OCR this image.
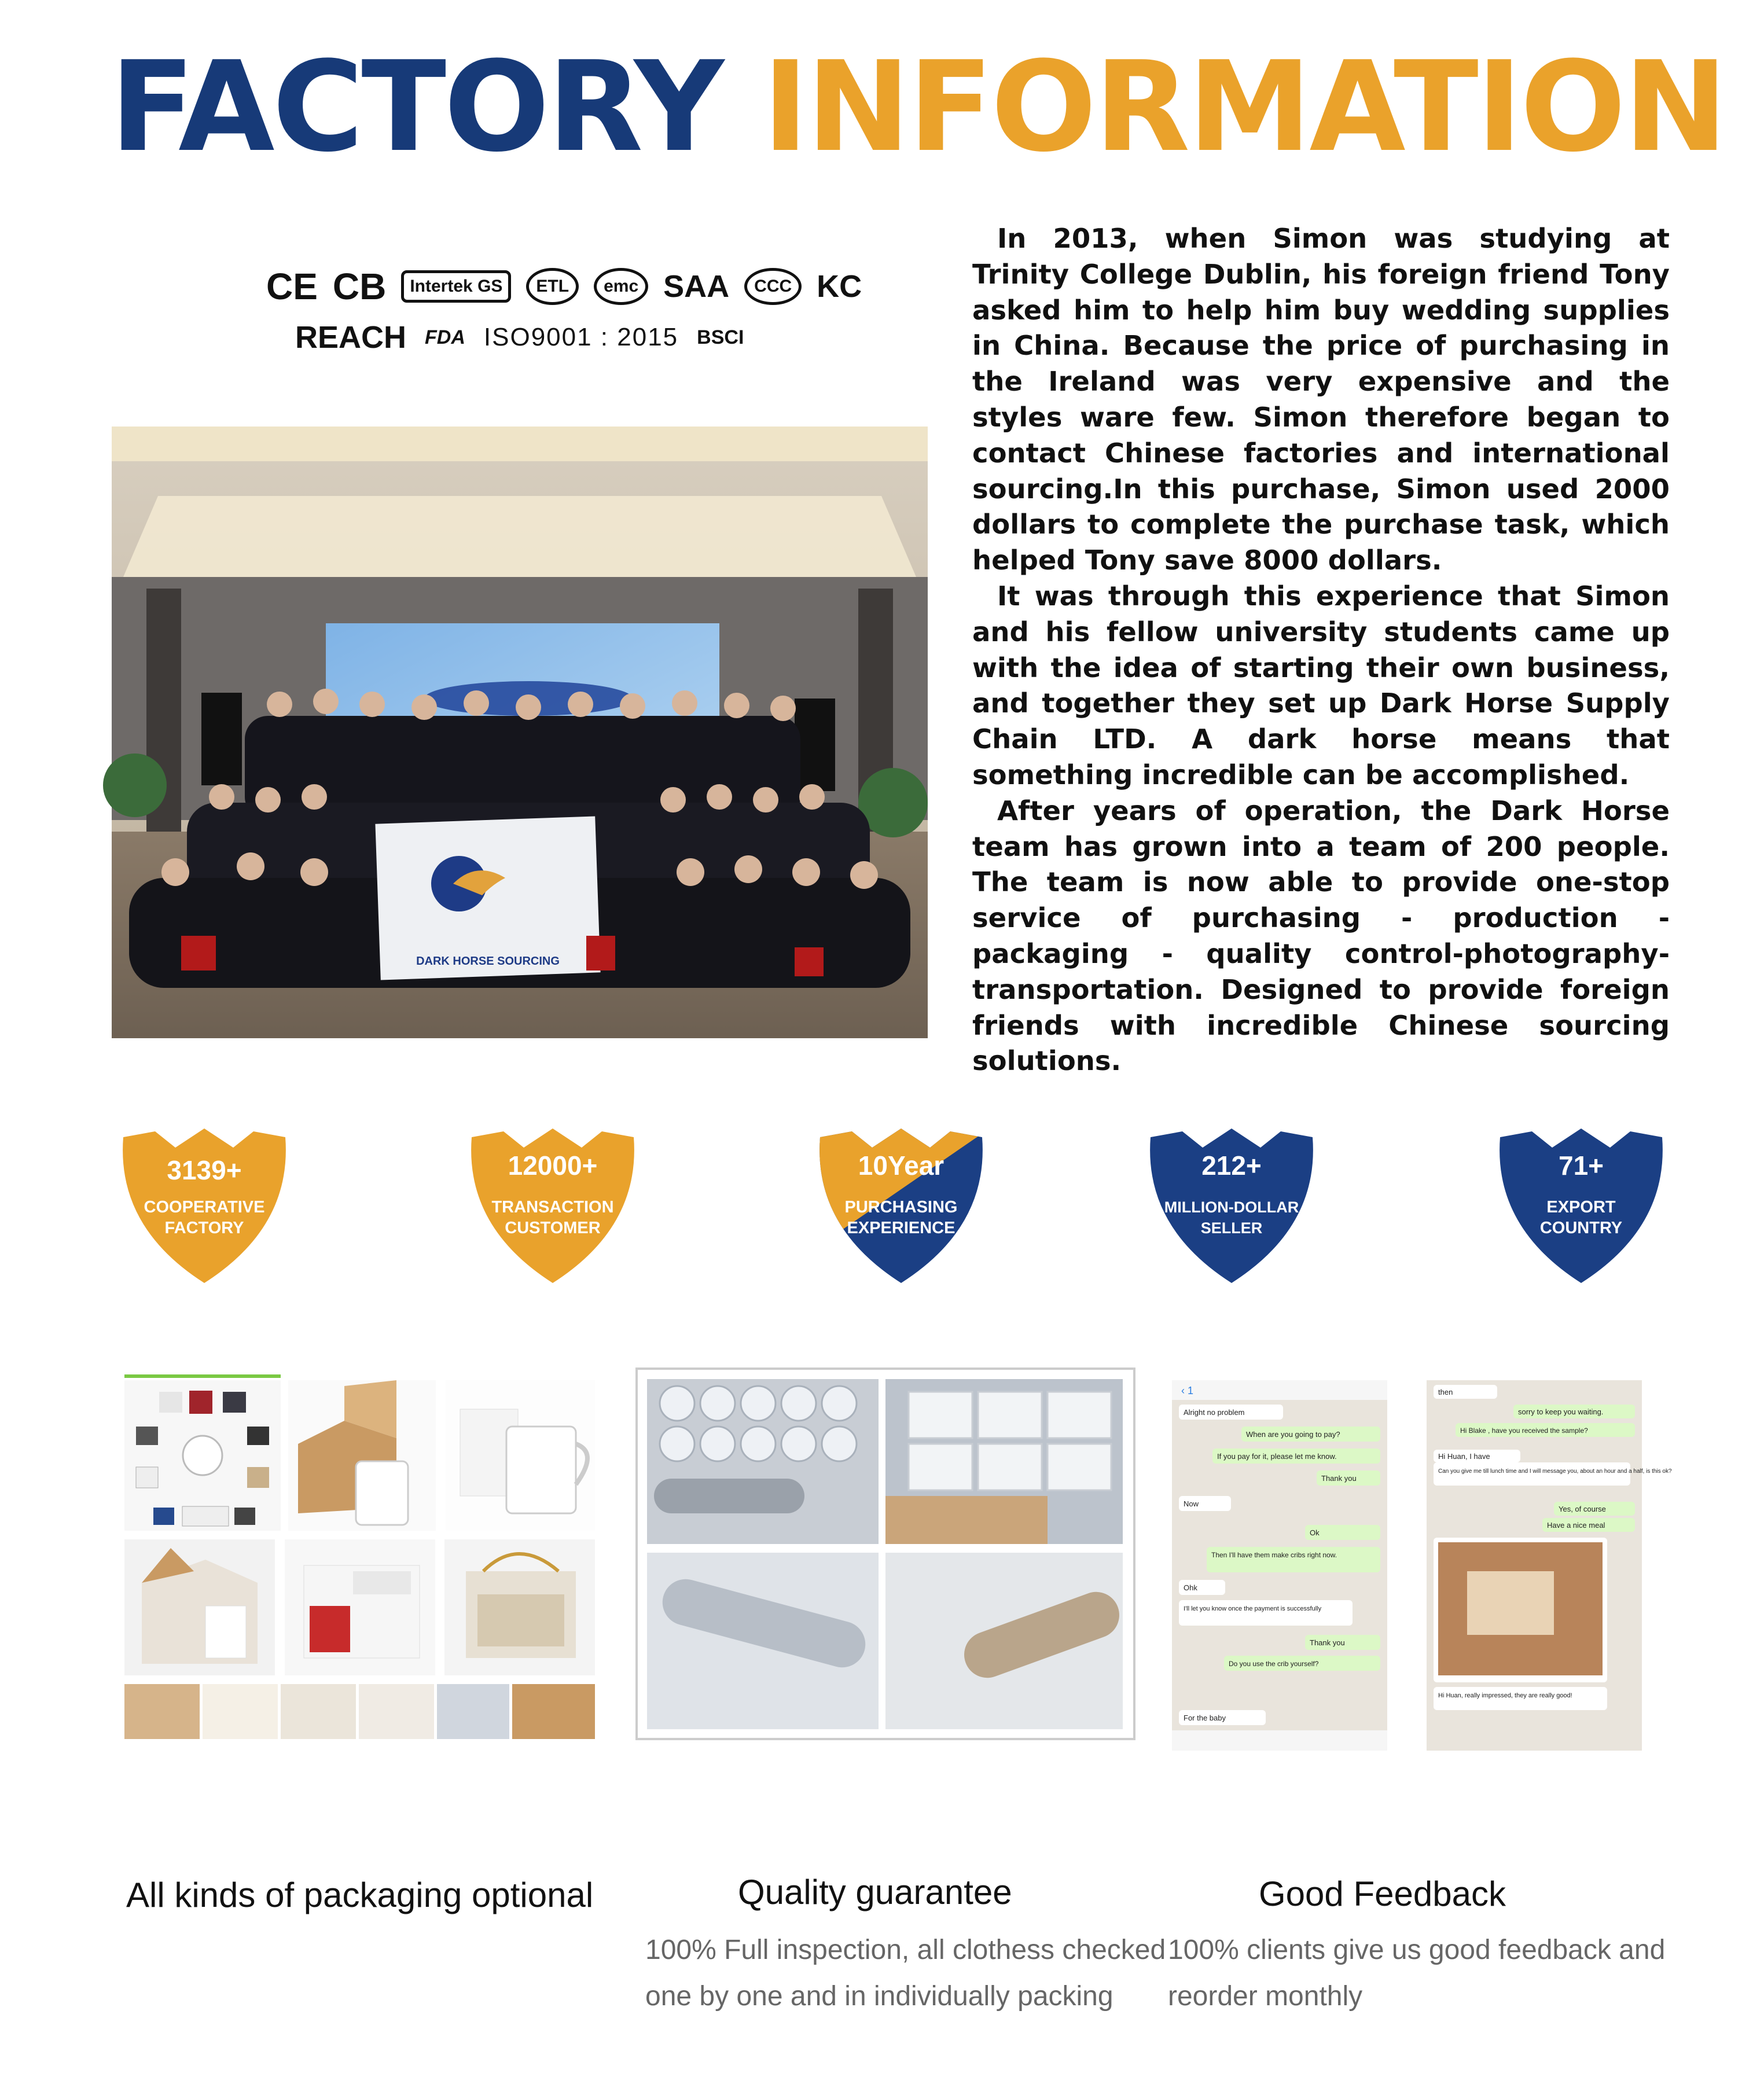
FACTORY INFORMATION
CE CB	Intertek GS	ETL	emc SAA	CCC KC
REACH FDA ISO9001 : 2015 BSCI
DARK HORSE SOURCING

In 2013, when Simon was studying at Trinity College Dublin, his foreign friend Tony asked him to help him buy wedding supplies in China. Because the price of purchasing in the Ireland was very expensive and the styles ware few. Simon therefore began to contact Chinese factories and international sourcing.In this purchase, Simon used 2000 dollars to complete the purchase task, which helped Tony save 8000 dollars.

It was through this experience that Simon and his fellow university students came up with the idea of starting their own business, and together they set up Dark Horse Supply Chain LTD. A dark horse means that something incredible can be accomplished.

After years of operation, the Dark Horse team has grown into a team of 200 people. The team is now able to provide one-stop service of purchasing - production - packaging - quality control-photography-transportation. Designed to provide foreign friends with incredible Chinese sourcing solutions.

3139+
COOPERATIVE
FACTORY
12000+
TRANSACTION
CUSTOMER
10Year
PURCHASING
EXPERIENCE
212+
MILLION-DOLLAR
SELLER
71+
EXPORT
COUNTRY
‹ 1
Alright no problem
When are you going to pay?
If you pay for it, please let me know.
Thank you
Now
Ok
Then I'll have them make cribs right now.
Ohk
I'll let you know once the payment is successfully
Thank you
Do you use the crib yourself?
For the baby
then
sorry to keep you waiting.
Hi Blake , have you received the sample?
Hi Huan, I have
Can you give me till lunch time and I will message you, about an hour and a half, is this ok?
Yes, of course
Have a nice meal
Hi Huan, really impressed, they are really good!
All kinds of packaging optional	Quality guarantee	Good Feedback
100% Full inspection, all clothess checked one by one and in individually packing
100% clients give us good feedback and reorder monthly
